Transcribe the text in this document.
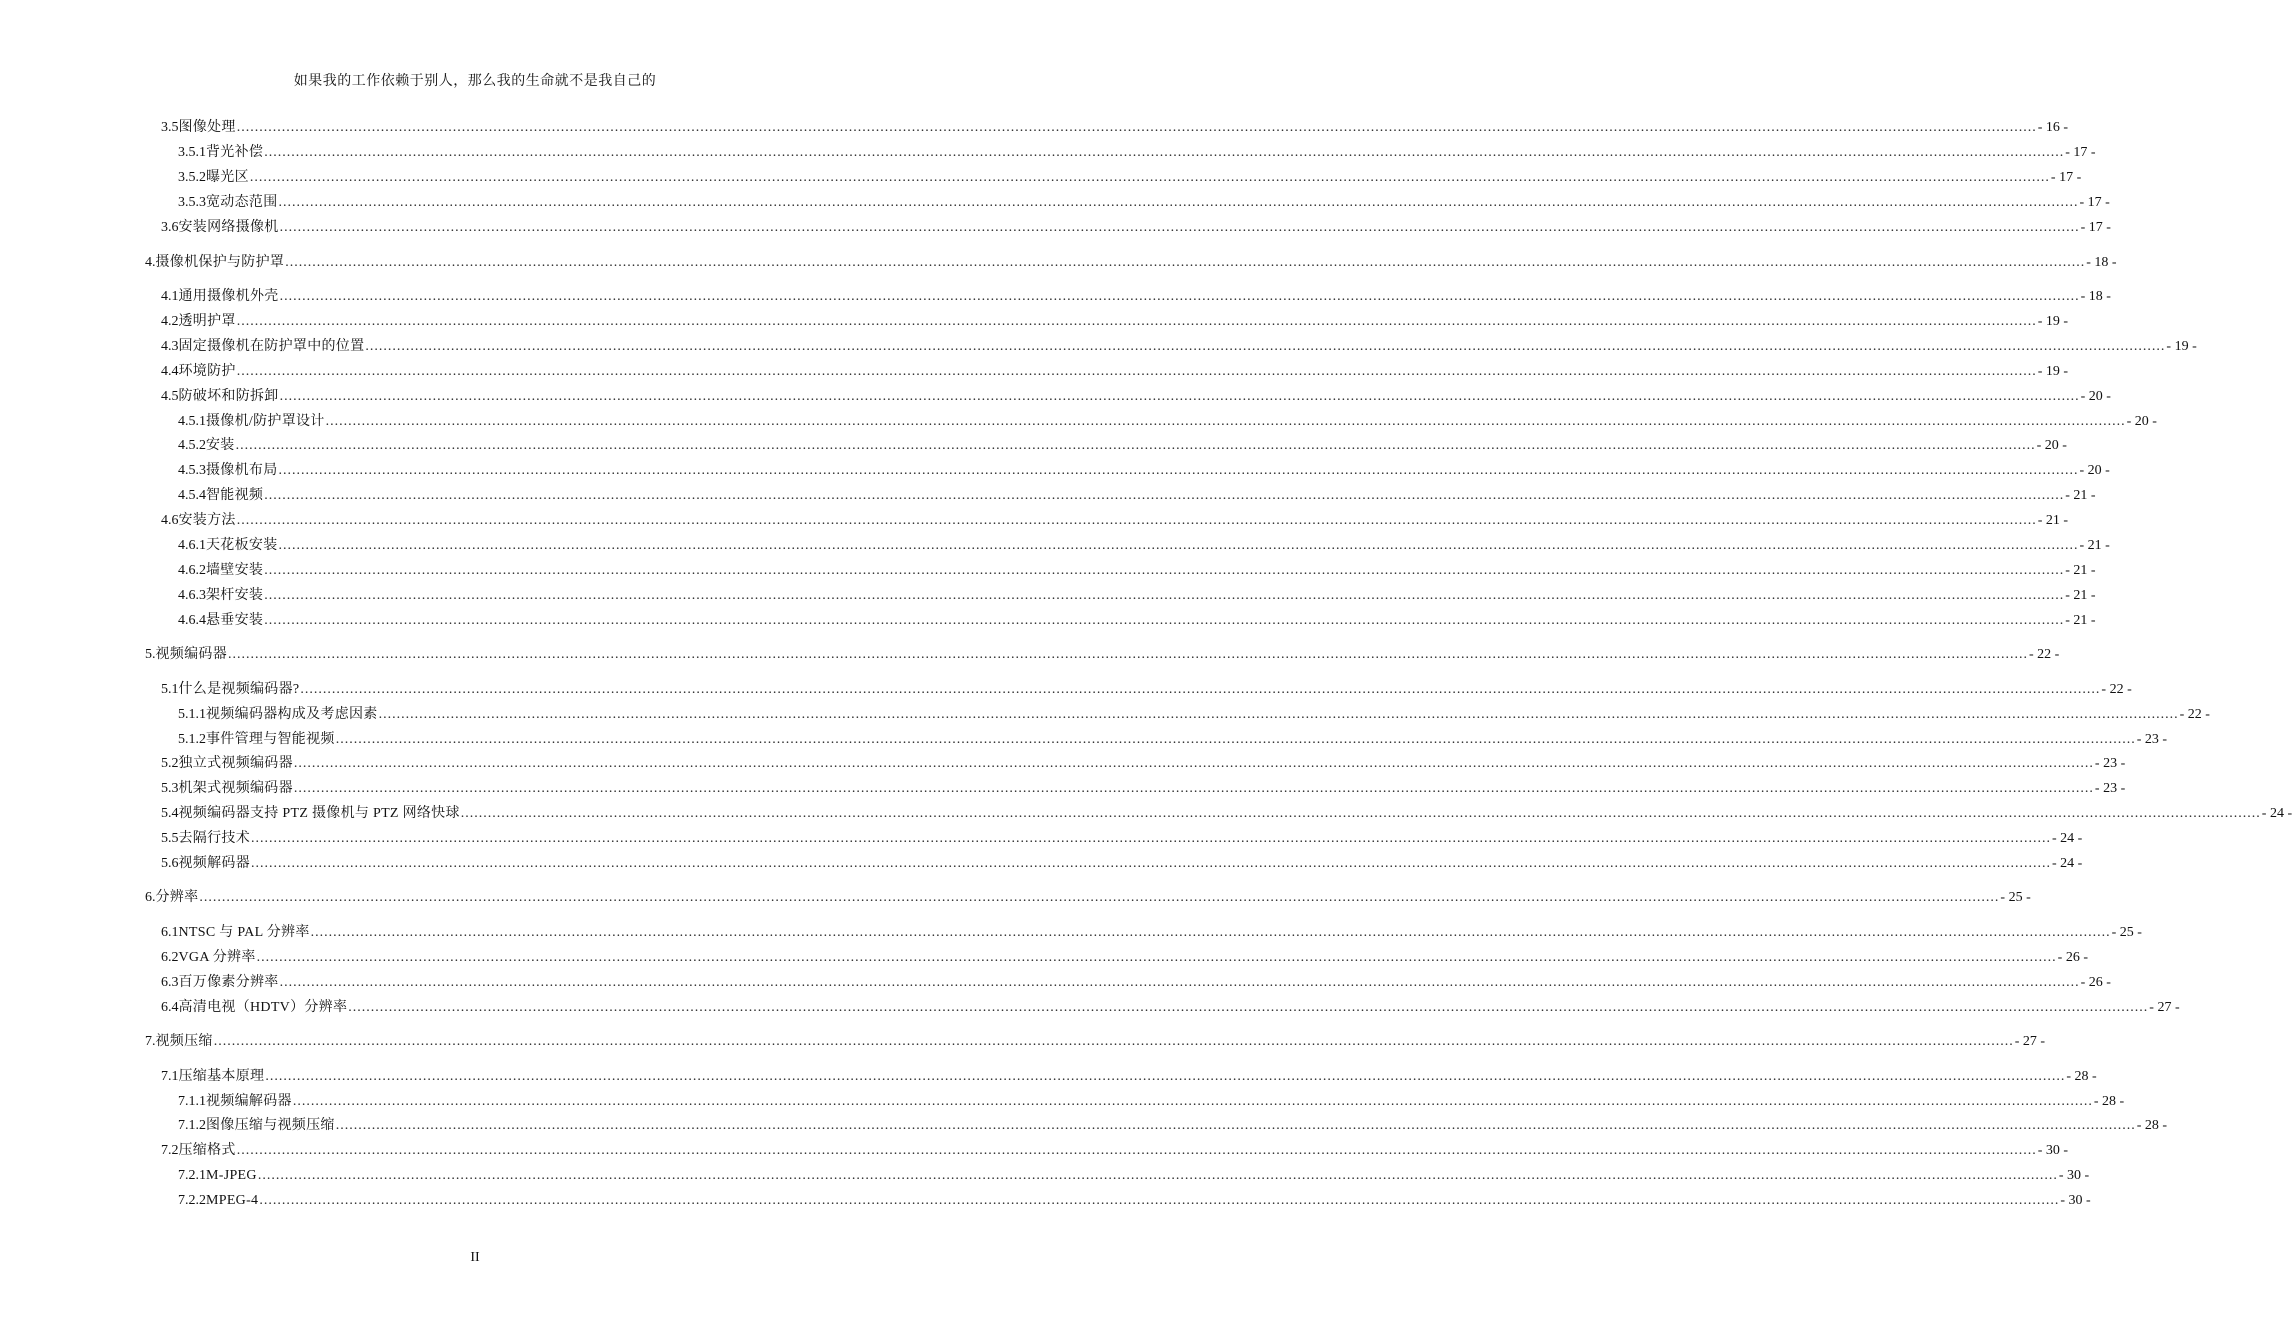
如果我的工作依赖于别人，那么我的生命就不是我自己的
3.5 图像处理 ................................................................................................................................................................................................................................................................................................................................................................................................................ - 16 -
3.5.1 背光补偿 ................................................................................................................................................................................................................................................................................................................................................................................................................ - 17 -
3.5.2 曝光区 ................................................................................................................................................................................................................................................................................................................................................................................................................ - 17 -
3.5.3 宽动态范围 ................................................................................................................................................................................................................................................................................................................................................................................................................ - 17 -
3.6 安装网络摄像机 ................................................................................................................................................................................................................................................................................................................................................................................................................ - 17 -
4. 摄像机保护与防护罩 ................................................................................................................................................................................................................................................................................................................................................................................................................ - 18 -
4.1 通用摄像机外壳 ................................................................................................................................................................................................................................................................................................................................................................................................................ - 18 -
4.2 透明护罩 ................................................................................................................................................................................................................................................................................................................................................................................................................ - 19 -
4.3 固定摄像机在防护罩中的位置 ................................................................................................................................................................................................................................................................................................................................................................................................................ - 19 -
4.4 环境防护 ................................................................................................................................................................................................................................................................................................................................................................................................................ - 19 -
4.5 防破坏和防拆卸 ................................................................................................................................................................................................................................................................................................................................................................................................................ - 20 -
4.5.1 摄像机/防护罩设计 ................................................................................................................................................................................................................................................................................................................................................................................................................ - 20 -
4.5.2 安装 ................................................................................................................................................................................................................................................................................................................................................................................................................ - 20 -
4.5.3 摄像机布局 ................................................................................................................................................................................................................................................................................................................................................................................................................ - 20 -
4.5.4 智能视频 ................................................................................................................................................................................................................................................................................................................................................................................................................ - 21 -
4.6 安装方法 ................................................................................................................................................................................................................................................................................................................................................................................................................ - 21 -
4.6.1 天花板安装 ................................................................................................................................................................................................................................................................................................................................................................................................................ - 21 -
4.6.2 墙壁安装 ................................................................................................................................................................................................................................................................................................................................................................................................................ - 21 -
4.6.3 架杆安装 ................................................................................................................................................................................................................................................................................................................................................................................................................ - 21 -
4.6.4 悬垂安装 ................................................................................................................................................................................................................................................................................................................................................................................................................ - 21 -
5. 视频编码器 ................................................................................................................................................................................................................................................................................................................................................................................................................ - 22 -
5.1 什么是视频编码器? ................................................................................................................................................................................................................................................................................................................................................................................................................ - 22 -
5.1.1 视频编码器构成及考虑因素 ................................................................................................................................................................................................................................................................................................................................................................................................................ - 22 -
5.1.2 事件管理与智能视频 ................................................................................................................................................................................................................................................................................................................................................................................................................ - 23 -
5.2 独立式视频编码器 ................................................................................................................................................................................................................................................................................................................................................................................................................ - 23 -
5.3 机架式视频编码器 ................................................................................................................................................................................................................................................................................................................................................................................................................ - 23 -
5.4 视频编码器支持 PTZ 摄像机与 PTZ 网络快球 ................................................................................................................................................................................................................................................................................................................................................................................................................ - 24 -
5.5 去隔行技术 ................................................................................................................................................................................................................................................................................................................................................................................................................ - 24 -
5.6 视频解码器 ................................................................................................................................................................................................................................................................................................................................................................................................................ - 24 -
6. 分辨率 ................................................................................................................................................................................................................................................................................................................................................................................................................ - 25 -
6.1 NTSC 与 PAL 分辨率 ................................................................................................................................................................................................................................................................................................................................................................................................................ - 25 -
6.2 VGA 分辨率 ................................................................................................................................................................................................................................................................................................................................................................................................................ - 26 -
6.3 百万像素分辨率 ................................................................................................................................................................................................................................................................................................................................................................................................................ - 26 -
6.4 高清电视（HDTV）分辨率 ................................................................................................................................................................................................................................................................................................................................................................................................................ - 27 -
7. 视频压缩 ................................................................................................................................................................................................................................................................................................................................................................................................................ - 27 -
7.1 压缩基本原理 ................................................................................................................................................................................................................................................................................................................................................................................................................ - 28 -
7.1.1 视频编解码器 ................................................................................................................................................................................................................................................................................................................................................................................................................ - 28 -
7.1.2 图像压缩与视频压缩 ................................................................................................................................................................................................................................................................................................................................................................................................................ - 28 -
7.2 压缩格式 ................................................................................................................................................................................................................................................................................................................................................................................................................ - 30 -
7.2.1 M-JPEG ................................................................................................................................................................................................................................................................................................................................................................................................................ - 30 -
7.2.2 MPEG-4 ................................................................................................................................................................................................................................................................................................................................................................................................................ - 30 -
II
